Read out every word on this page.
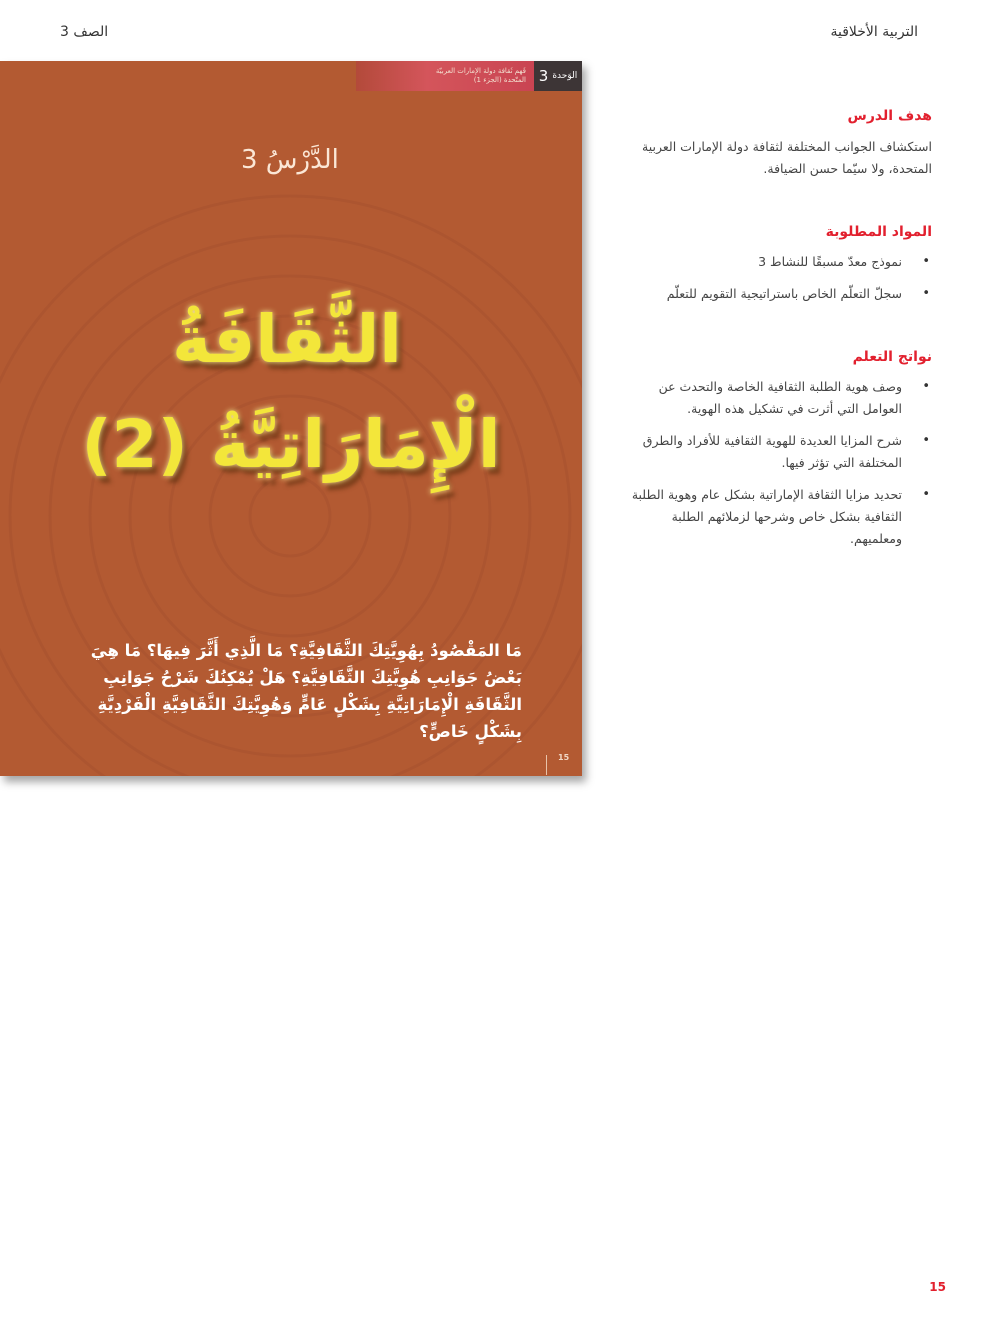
التربية الأخلاقية
الصف 3
فَهم ثَقافة دولة الإمارات العربيّة
المتّحدة (الجزء 1)	الوَحدة
3
الدَّرْسُ 3
الثَّقَافَةُ
الْإِمَارَاتِيَّةُ (2)
مَا المَقْصُودُ بِهُوِيَّتِكَ الثَّقَافِيَّةِ؟ مَا الَّذِي أَثَّرَ فِيهَا؟ مَا هِيَ بَعْضُ جَوَانِبِ هُوِيَّتِكَ الثَّقَافِيَّةِ؟ هَلْ يُمْكِنُكَ شَرْحُ جَوَانِبِ الثَّقَافَةِ الْإِمَارَاتِيَّةِ بِشَكْلٍ عَامٍّ وَهُوِيَّتِكَ الثَّقَافِيَّةِ الْفَرْدِيَّةِ بِشَكْلٍ خَاصٍّ؟
15
هدف الدرس

استكشاف الجوانب المختلفة لثقافة دولة الإمارات العربية المتحدة، ولا سيّما حسن الضيافة.

المواد المطلوبة
•
نموذج معدّ مسبقًا للنشاط 3
•
سجلّ التعلّم الخاص باستراتيجية التقويم للتعلّم
نواتج التعلم
•
وصف هوية الطلبة الثقافية الخاصة والتحدث عن العوامل التي أثرت في تشكيل هذه الهوية.
•
شرح المزايا العديدة للهوية الثقافية للأفراد والطرق المختلفة التي تؤثر فيها.
•
تحديد مزايا الثقافة الإماراتية بشكل عام وهوية الطلبة الثقافية بشكل خاص وشرحها لزملائهم الطلبة ومعلميهم.
15
